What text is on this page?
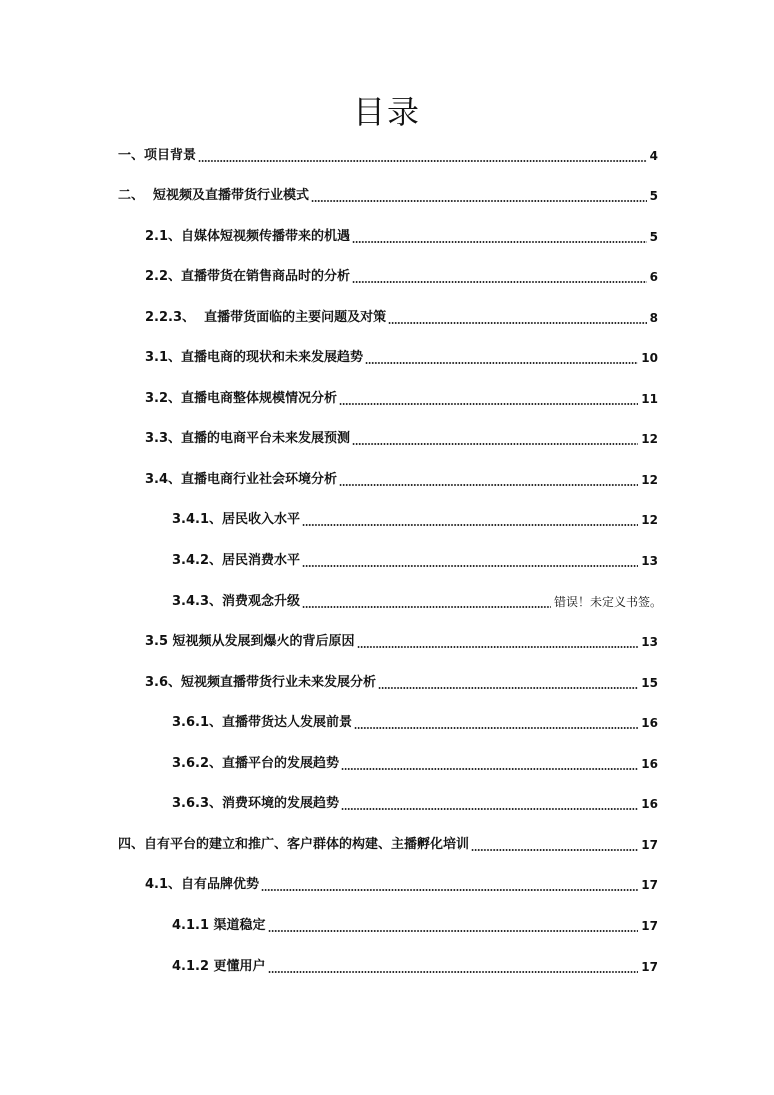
目录
一、项目背景	4
二、  短视频及直播带货行业模式	5
2.1、自媒体短视频传播带来的机遇	5
2.2、直播带货在销售商品时的分析	6
2.2.3、  直播带货面临的主要问题及对策	8
3.1、直播电商的现状和未来发展趋势	10
3.2、直播电商整体规模情况分析	11
3.3、直播的电商平台未来发展预测	12
3.4、直播电商行业社会环境分析	12
3.4.1、居民收入水平	12
3.4.2、居民消费水平	13
3.4.3、消费观念升级	错误！未定义书签。
3.5 短视频从发展到爆火的背后原因	13
3.6、短视频直播带货行业未来发展分析	15
3.6.1、直播带货达人发展前景	16
3.6.2、直播平台的发展趋势	16
3.6.3、消费环境的发展趋势	16
四、自有平台的建立和推广、客户群体的构建、主播孵化培训	17
4.1、自有品牌优势	17
4.1.1 渠道稳定	17
4.1.2 更懂用户	17
